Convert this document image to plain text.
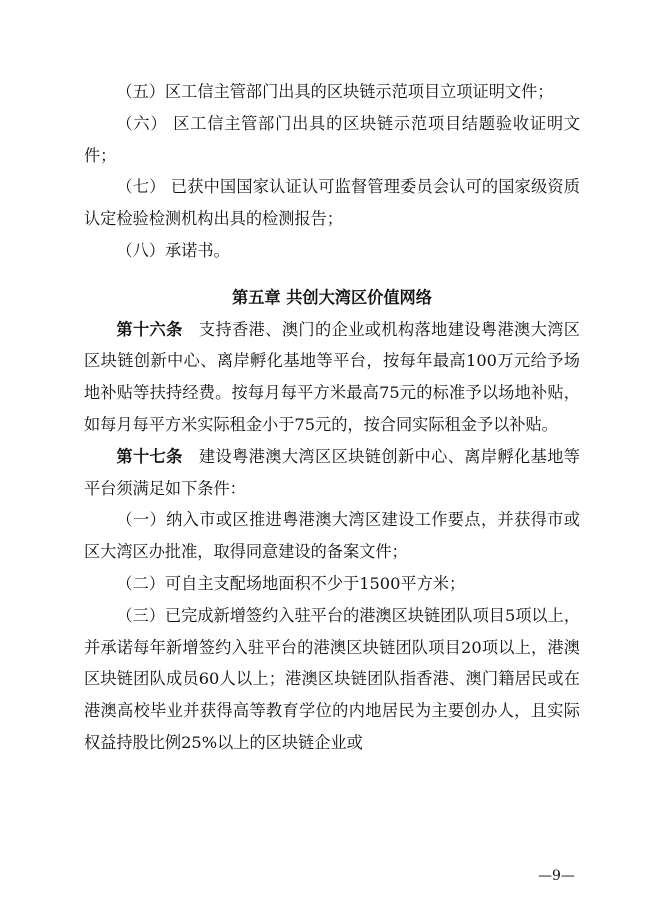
（五）区工信主管部门出具的区块链示范项目立项证明文件；

（六） 区工信主管部门出具的区块链示范项目结题验收证明文件；

（七） 已获中国国家认证认可监督管理委员会认可的国家级资质认定检验检测机构出具的检测报告；

（八）承诺书。

第五章 共创大湾区价值网络

第十六条 支持香港、澳门的企业或机构落地建设粤港澳大湾区区块链创新中心、离岸孵化基地等平台，按每年最高100万元给予场地补贴等扶持经费。按每月每平方米最高75元的标准予以场地补贴，如每月每平方米实际租金小于75元的，按合同实际租金予以补贴。

第十七条 建设粤港澳大湾区区块链创新中心、离岸孵化基地等平台须满足如下条件：

（一）纳入市或区推进粤港澳大湾区建设工作要点，并获得市或区大湾区办批准，取得同意建设的备案文件；

（二）可自主支配场地面积不少于1500平方米；

（三）已完成新增签约入驻平台的港澳区块链团队项目5项以上，并承诺每年新增签约入驻平台的港澳区块链团队项目20项以上，港澳区块链团队成员60人以上；港澳区块链团队指香港、澳门籍居民或在港澳高校毕业并获得高等教育学位的内地居民为主要创办人，且实际权益持股比例25%以上的区块链企业或

—9—
